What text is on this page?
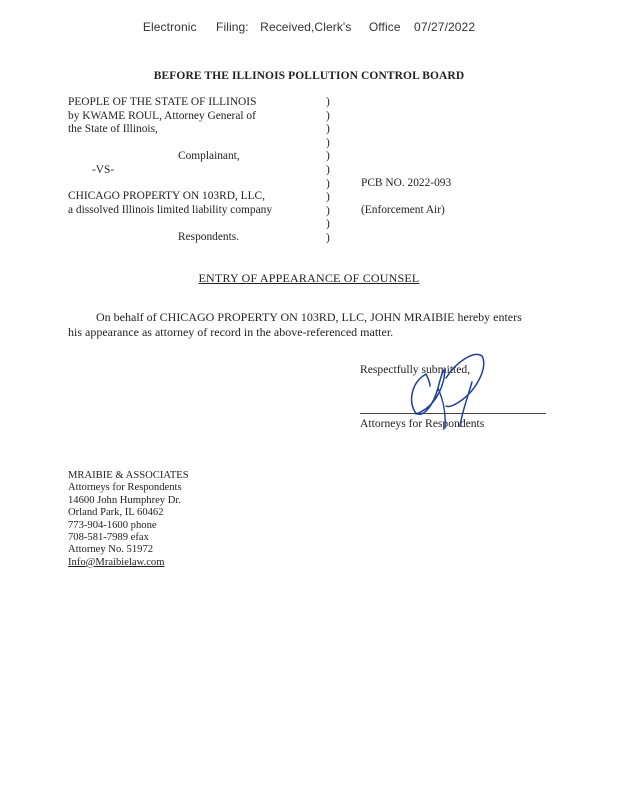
Electronic Filing: Received,Clerk's Office 07/27/2022
BEFORE THE ILLINOIS POLLUTION CONTROL BOARD
PEOPLE OF THE STATE OF ILLINOIS
by KWAME ROUL, Attorney General of
the State of Illinois,
Complainant,
-VS-
CHICAGO PROPERTY ON 103RD, LLC,
a dissolved Illinois limited liability company
Respondents.
)
)
)
)
)
)
)
)
)
)
)
PCB NO. 2022-093
(Enforcement Air)
ENTRY OF APPEARANCE OF COUNSEL
On behalf of CHICAGO PROPERTY ON 103RD, LLC, JOHN MRAIBIE hereby enters his appearance as attorney of record in the above-referenced matter.
Respectfully submitted,
Attorneys for Respondents
MRAIBIE & ASSOCIATES
Attorneys for Respondents
14600 John Humphrey Dr.
Orland Park, IL 60462
773-904-1600 phone
708-581-7989 efax
Attorney No. 51972
Info@Mraibielaw.com
